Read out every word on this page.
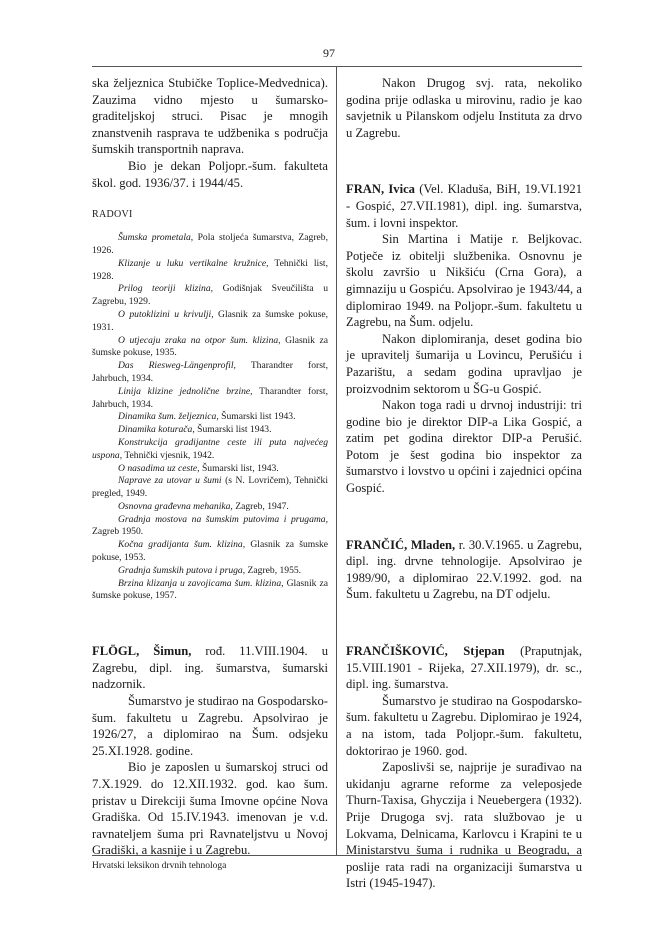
97

ska željeznica Stubičke Toplice-Medvednica). Zauzima vidno mjesto u šumarsko-graditeljskoj struci. Pisac je mnogih znanstvenih rasprava te udžbenika s područja šumskih transportnih naprava.

Bio je dekan Poljopr.-šum. fakulteta škol. god. 1936/37. i 1944/45.

RADOVI

Šumska prometala, Pola stoljeća šumarstva, Zagreb, 1926.

Klizanje u luku vertikalne kružnice, Tehnički list, 1928.

Prilog teoriji klizina, Godišnjak Sveučilišta u Zagrebu, 1929.

O putoklizini u krivulji, Glasnik za šumske pokuse, 1931.

O utjecaju zraka na otpor šum. klizina, Glasnik za šumske pokuse, 1935.

Das Riesweg-Längenprofil, Tharandter forst, Jahrbuch, 1934.

Linija klizine jednolične brzine, Tharandter forst, Jahrbuch, 1934.

Dinamika šum. željeznica, Šumarski list 1943.

Dinamika koturača, Šumarski list 1943.

Konstrukcija gradijantne ceste ili puta najvećeg uspona, Tehnički vjesnik, 1942.

O nasadima uz ceste, Šumarski list, 1943.

Naprave za utovar u šumi (s N. Lovričem), Tehnički pregled, 1949.

Osnovna građevna mehanika, Zagreb, 1947.

Gradnja mostova na šumskim putovima i prugama, Zagreb 1950.

Kočna gradijanta šum. klizina, Glasnik za šumske pokuse, 1953.

Gradnja šumskih putova i pruga, Zagreb, 1955.

Brzina klizanja u zavojicama šum. klizina, Glasnik za šumske pokuse, 1957.

FLÖGL, Šimun, rođ. 11.VIII.1904. u Zagrebu, dipl. ing. šumarstva, šumarski nadzornik.

Šumarstvo je studirao na Gospodarsko-šum. fakultetu u Zagrebu. Apsolvirao je 1926/27, a diplomirao na Šum. odsjeku 25.XI.1928. godine.

Bio je zaposlen u šumarskoj struci od 7.X.1929. do 12.XII.1932. god. kao šum. pristav u Direkciji šuma Imovne općine Nova Gradiška. Od 15.IV.1943. imenovan je v.d. ravnateljem šuma pri Ravnateljstvu u Novoj Gradiški, a kasnije i u Zagrebu.

Nakon Drugog svj. rata, nekoliko godina prije odlaska u mirovinu, radio je kao savjetnik u Pilanskom odjelu Instituta za drvo u Zagrebu.

FRAN, Ivica (Vel. Kladuša, BiH, 19.VI.1921 - Gospić, 27.VII.1981), dipl. ing. šumarstva, šum. i lovni inspektor.

Sin Martina i Matije r. Beljkovac. Potječe iz obitelji službenika. Osnovnu je školu završio u Nikšiću (Crna Gora), a gimnaziju u Gospiću. Apsolvirao je 1943/44, a diplomirao 1949. na Poljopr.-šum. fakultetu u Zagrebu, na Šum. odjelu.

Nakon diplomiranja, deset godina bio je upravitelj šumarija u Lovincu, Perušiću i Pazarištu, a sedam godina upravljao je proizvodnim sektorom u ŠG-u Gospić.

Nakon toga radi u drvnoj industriji: tri godine bio je direktor DIP-a Lika Gospić, a zatim pet godina direktor DIP-a Perušić. Potom je šest godina bio inspektor za šumarstvo i lovstvo u općini i zajednici općina Gospić.

FRANČIĆ, Mladen, r. 30.V.1965. u Zagrebu, dipl. ing. drvne tehnologije. Apsolvirao je 1989/90, a diplomirao 22.V.1992. god. na Šum. fakultetu u Zagrebu, na DT odjelu.

FRANČIŠKOVIĆ, Stjepan (Praputnjak, 15.VIII.1901 - Rijeka, 27.XII.1979), dr. sc., dipl. ing. šumarstva.

Šumarstvo je studirao na Gospodarsko-šum. fakultetu u Zagrebu. Diplomirao je 1924, a na istom, tada Poljopr.-šum. fakultetu, doktorirao je 1960. god.

Zaposlivši se, najprije je surađivao na ukidanju agrarne reforme za veleposjede Thurn-Taxisa, Ghyczija i Neuebergera (1932). Prije Drugoga svj. rata službovao je u Lokvama, Delnicama, Karlovcu i Krapini te u Ministarstvu šuma i rudnika u Beogradu, a poslije rata radi na organizaciji šumarstva u Istri (1945-1947).

Hrvatski leksikon drvnih tehnologa
